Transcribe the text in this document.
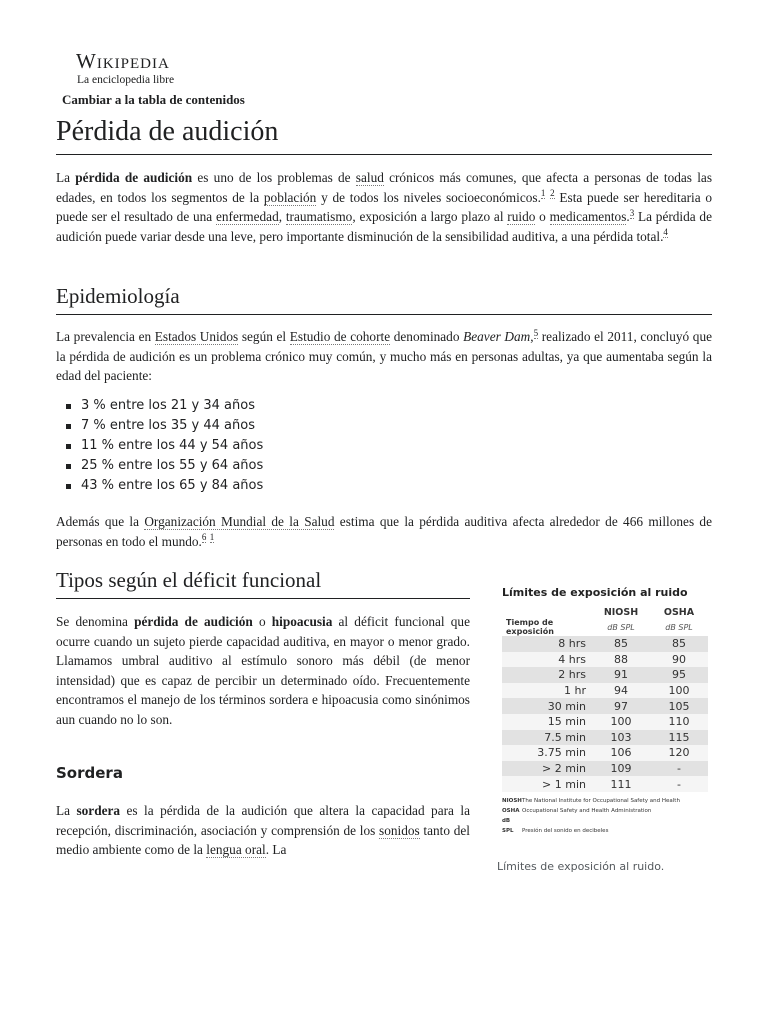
Wikipedia
La enciclopedia libre
Cambiar a la tabla de contenidos
Pérdida de audición

La pérdida de audición es uno de los problemas de salud crónicos más comunes, que afecta a personas de todas las edades, en todos los segmentos de la población y de todos los niveles socioeconómicos.$^1$ $^2$ Esta puede ser hereditaria o puede ser el resultado de una enfermedad, traumatismo, exposición a largo plazo al ruido o medicamentos.$^3$ La pérdida de audición puede variar desde una leve, pero importante disminución de la sensibilidad auditiva, a una pérdida total.$^4$

Epidemiología

La prevalencia en Estados Unidos según el Estudio de cohorte denominado Beaver Dam,$^5$ realizado el 2011, concluyó que la pérdida de audición es un problema crónico muy común, y mucho más en personas adultas, ya que aumentaba según la edad del paciente:

3 % entre los 21 y 34 años
7 % entre los 35 y 44 años
11 % entre los 44 y 54 años
25 % entre los 55 y 64 años
43 % entre los 65 y 84 años

Además que la Organización Mundial de la Salud estima que la pérdida auditiva afecta alrededor de 466 millones de personas en todo el mundo.$^6$ $^1$

Tipos según el déficit funcional

Se denomina pérdida de audición o hipoacusia al déficit funcional que ocurre cuando un sujeto pierde capacidad auditiva, en mayor o menor grado. Llamamos umbral auditivo al estímulo sonoro más débil (de menor intensidad) que es capaz de percibir un determinado oído. Frecuentemente encontramos el manejo de los términos sordera e hipoacusia como sinónimos aun cuando no lo son.

Sordera

La sordera es la pérdida de la audición que altera la capacidad para la recepción, discriminación, asociación y comprensión de los sonidos tanto del medio ambiente como de la lengua oral. La

Límites de exposición al ruido
	NIOSH	OSHA
Tiempo de exposición	dB SPL	dB SPL
8 hrs	85	85
4 hrs	88	90
2 hrs	91	95
1 hr	94	100
30 min	97	105
15 min	100	110
7.5 min	103	115
3.75 min	106	120
> 2 min	109	-
> 1 min	111	-
NIOSHThe National Institute for Occupational Safety and Health
OSHA Occupational Safety and Health Administration
dB SPL Presión del sonido en decibeles
Límites de exposición al ruido.
